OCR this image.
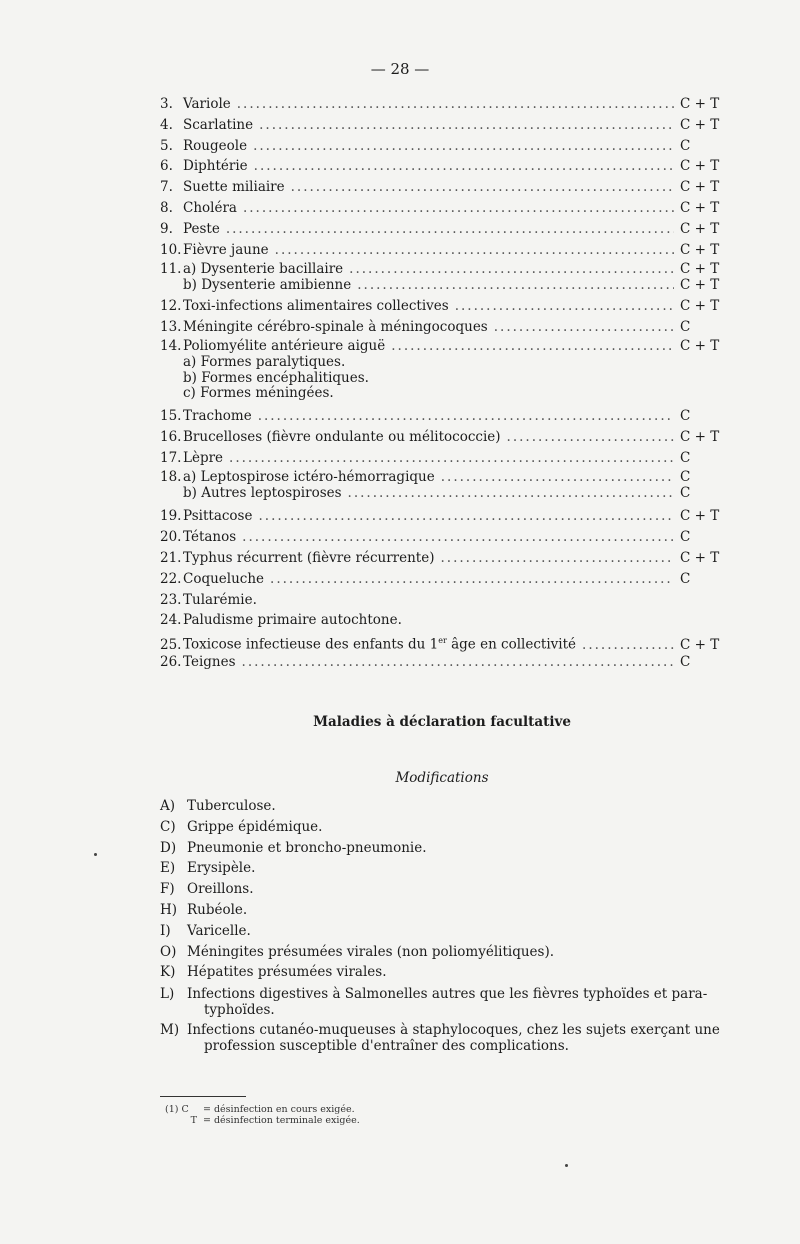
— 28 —
3. Variole .....	C + T
4. Scarlatine .....	C + T
5. Rougeole .....	C
6. Diphtérie .....	C + T
7. Suette miliaire .....	C + T
8. Choléra .....	C + T
9. Peste .....	C + T
10. Fièvre jaune .....	C + T
11. a) Dysenterie bacillaire .....	C + T
b) Dysenterie amibienne .....	C + T
12. Toxi-infections alimentaires collectives .....	C + T
13. Méningite cérébro-spinale à méningocoques .....	C
14. Poliomyélite antérieure aiguë .....	C + T
a) Formes paralytiques.
b) Formes encéphalitiques.
c) Formes méningées.
15. Trachome .....	C
16. Brucelloses (fièvre ondulante ou mélitococcie) .....	C + T
17. Lèpre .....	C
18. a) Leptospirose ictéro-hémorragique .....	C
b) Autres leptospiroses .....	C
19. Psittacose .....	C + T
20. Tétanos .....	C
21. Typhus récurrent (fièvre récurrente) .....	C + T
22. Coqueluche .....	C
23. Tularémie.
24. Paludisme primaire autochtone.
25. Toxicose infectieuse des enfants du 1er âge en collectivité .....	C + T
26. Teignes .....	C
Maladies à déclaration facultative
Modifications
A) Tuberculose.
C) Grippe épidémique.
D) Pneumonie et broncho-pneumonie.
E) Erysipèle.
F) Oreillons.
H) Rubéole.
I)	Varicelle.
O) Méningites présumées virales (non poliomyélitiques).
K) Hépatites présumées virales.
L) Infections digestives à Salmonelles autres que les fièvres typhoïdes et para-
typhoïdes.
M) Infections cutanéo-muqueuses à staphylocoques, chez les sujets exerçant une
profession susceptible d'entraîner des complications.
(1) C	= désinfection en cours exigée.
T = désinfection terminale exigée.
